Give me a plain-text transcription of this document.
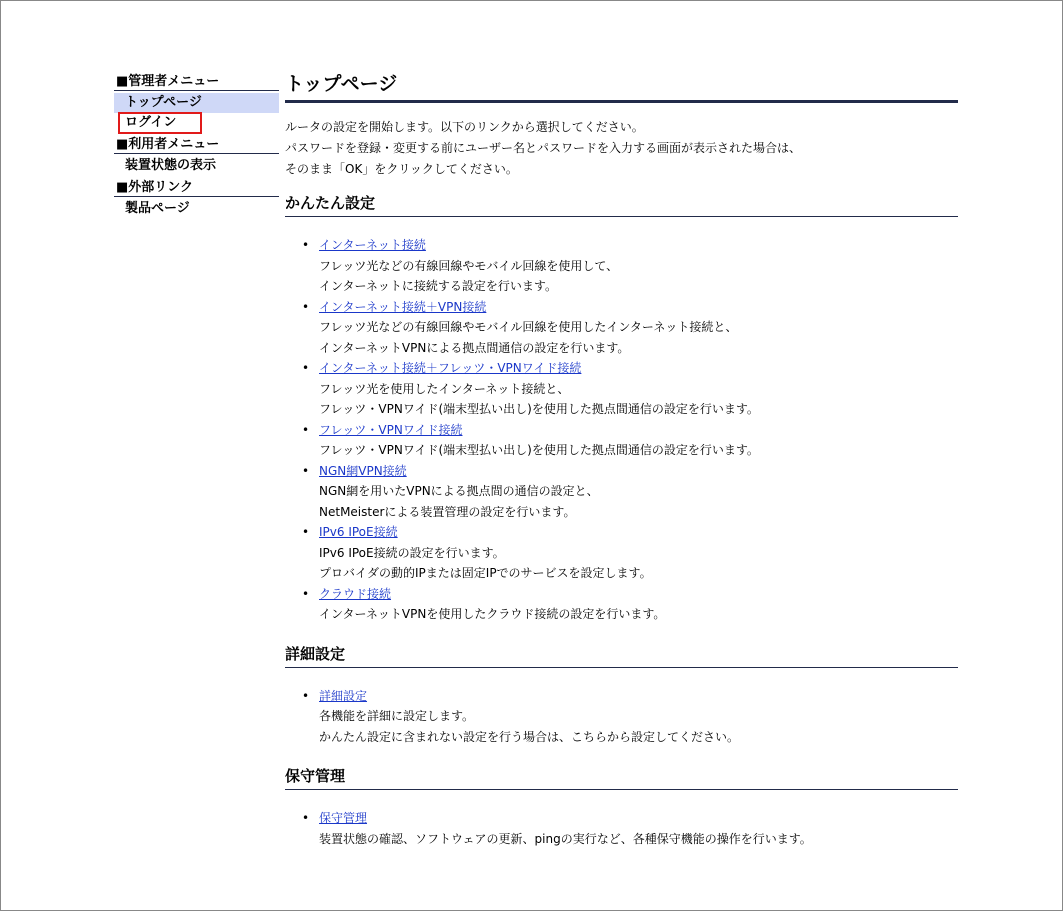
■管理者メニュー
トップページ
ログイン
■利用者メニュー
装置状態の表示
■外部リンク
製品ページ
トップページ
ルータの設定を開始します。以下のリンクから選択してください。
パスワードを登録・変更する前にユーザー名とパスワードを入力する画面が表示された場合は、
そのまま「OK」をクリックしてください。
かんたん設定
• インターネット接続
フレッツ光などの有線回線やモバイル回線を使用して、
インターネットに接続する設定を行います。
• インターネット接続＋VPN接続
フレッツ光などの有線回線やモバイル回線を使用したインターネット接続と、
インターネットVPNによる拠点間通信の設定を行います。
• インターネット接続＋フレッツ・VPNワイド接続
フレッツ光を使用したインターネット接続と、
フレッツ・VPNワイド(端末型払い出し)を使用した拠点間通信の設定を行います。
• フレッツ・VPNワイド接続
フレッツ・VPNワイド(端末型払い出し)を使用した拠点間通信の設定を行います。
• NGN網VPN接続
NGN網を用いたVPNによる拠点間の通信の設定と、
NetMeisterによる装置管理の設定を行います。
• IPv6 IPoE接続
IPv6 IPoE接続の設定を行います。
プロバイダの動的IPまたは固定IPでのサービスを設定します。
• クラウド接続
インターネットVPNを使用したクラウド接続の設定を行います。
詳細設定
• 詳細設定
各機能を詳細に設定します。
かんたん設定に含まれない設定を行う場合は、こちらから設定してください。
保守管理
• 保守管理
装置状態の確認、ソフトウェアの更新、pingの実行など、各種保守機能の操作を行います。
